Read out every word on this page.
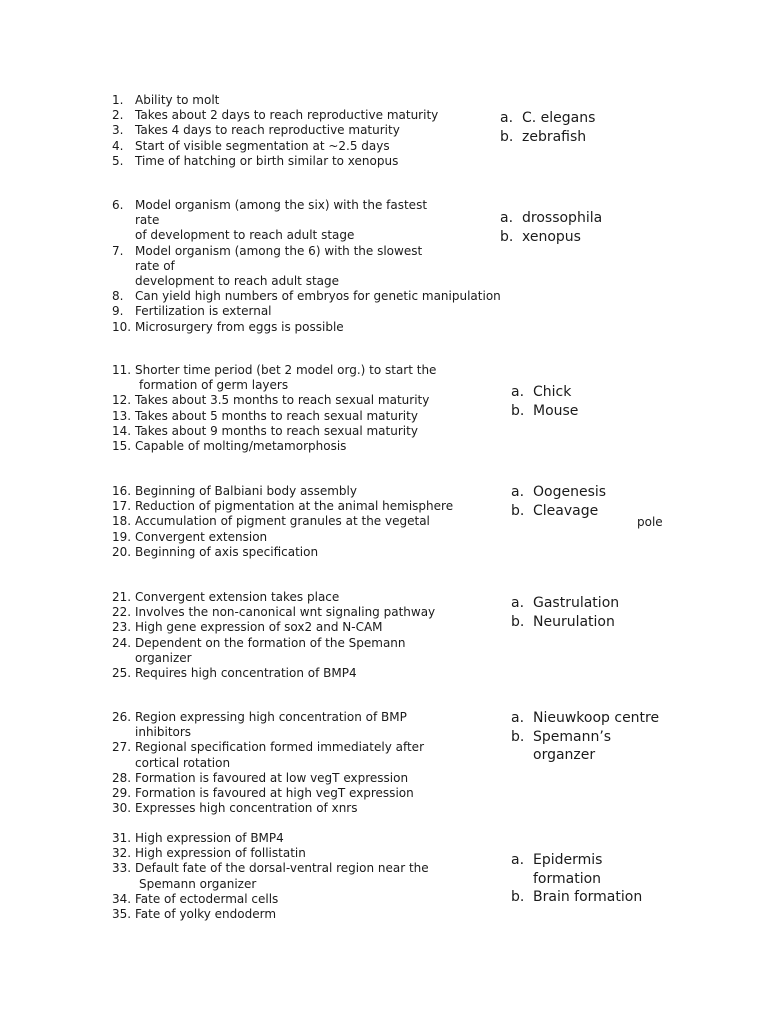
1. Ability to molt
2. Takes about 2 days to reach reproductive maturity
3. Takes 4 days to reach reproductive maturity
4. Start of visible segmentation at ~2.5 days
5. Time of hatching or birth similar to xenopus
a. C. elegans
b. zebrafish
6. Model organism (among the six) with the fastest
rate
of development to reach adult stage
7. Model organism (among the 6) with the slowest
rate of
development to reach adult stage
8. Can yield high numbers of embryos for genetic manipulation
9. Fertilization is external
10. Microsurgery from eggs is possible
a. drossophila
b. xenopus
11. Shorter time period (bet 2 model org.) to start the
formation of germ layers
12. Takes about 3.5 months to reach sexual maturity
13. Takes about 5 months to reach sexual maturity
14. Takes about 9 months to reach sexual maturity
15. Capable of molting/metamorphosis
a. Chick
b. Mouse
16. Beginning of Balbiani body assembly
17. Reduction of pigmentation at the animal hemisphere
18. Accumulation of pigment granules at the vegetal
19. Convergent extension
20. Beginning of axis specification
a. Oogenesis
b. Cleavage
pole
21. Convergent extension takes place
22. Involves the non-canonical wnt signaling pathway
23. High gene expression of sox2 and N-CAM
24. Dependent on the formation of the Spemann
organizer
25. Requires high concentration of BMP4
a. Gastrulation
b. Neurulation
26. Region expressing high concentration of BMP
inhibitors
27. Regional specification formed immediately after
cortical rotation
28. Formation is favoured at low vegT expression
29. Formation is favoured at high vegT expression
30. Expresses high concentration of xnrs
a. Nieuwkoop centre
b. Spemann’s
organzer
31. High expression of BMP4
32. High expression of follistatin
33. Default fate of the dorsal-ventral region near the
Spemann organizer
34. Fate of ectodermal cells
35. Fate of yolky endoderm
a. Epidermis
formation
b. Brain formation
